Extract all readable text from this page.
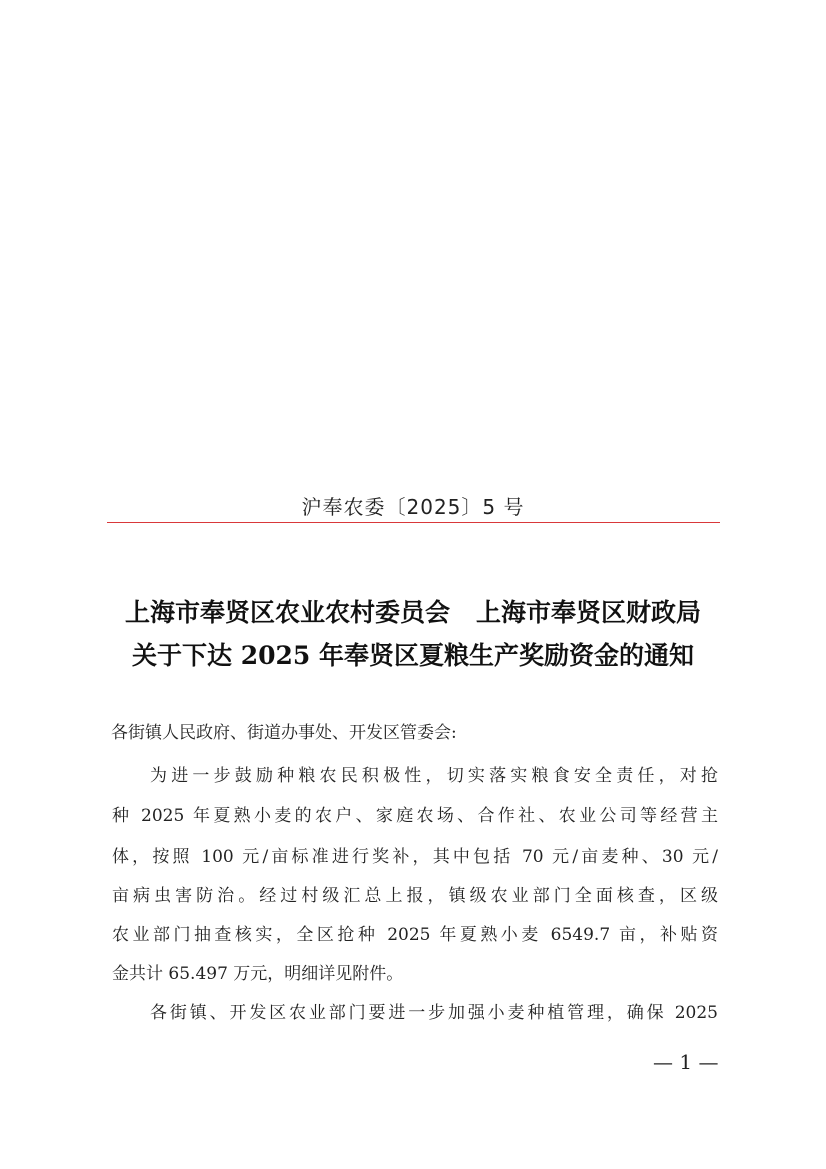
沪奉农委〔2025〕5 号
上海市奉贤区农业农村委员会 上海市奉贤区财政局
关于下达 2025 年奉贤区夏粮生产奖励资金的通知
各街镇人民政府、街道办事处、开发区管委会:
为进一步鼓励种粮农民积极性，切实落实粮食安全责任，对抢
种 2025 年夏熟小麦的农户、家庭农场、合作社、农业公司等经营主
体，按照 100 元/亩标准进行奖补，其中包括 70 元/亩麦种、30 元/
亩病虫害防治。经过村级汇总上报，镇级农业部门全面核查，区级
农业部门抽查核实，全区抢种 2025 年夏熟小麦 6549.7 亩，补贴资
金共计 65.497 万元，明细详见附件。
各街镇、开发区农业部门要进一步加强小麦种植管理，确保 2025
— 1 —
